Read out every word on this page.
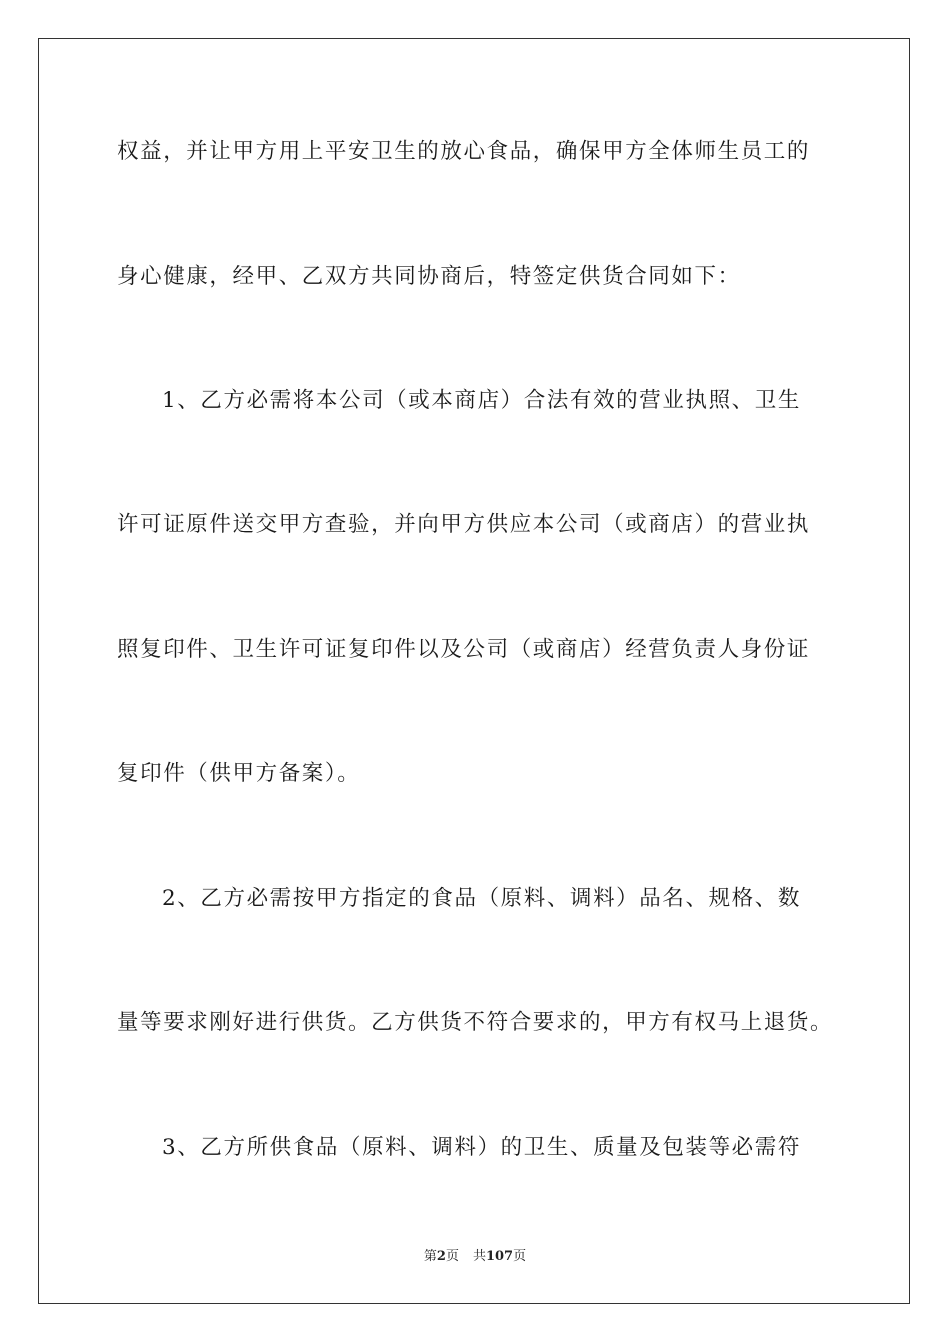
权益，并让甲方用上平安卫生的放心食品，确保甲方全体师生员工的
身心健康，经甲、乙双方共同协商后，特签定供货合同如下：
1、乙方必需将本公司（或本商店）合法有效的营业执照、卫生
许可证原件送交甲方查验，并向甲方供应本公司（或商店）的营业执
照复印件、卫生许可证复印件以及公司（或商店）经营负责人身份证
复印件（供甲方备案）。
2、乙方必需按甲方指定的食品（原料、调料）品名、规格、数
量等要求刚好进行供货。乙方供货不符合要求的，甲方有权马上退货。
3、乙方所供食品（原料、调料）的卫生、质量及包装等必需符
第2页 共107页
